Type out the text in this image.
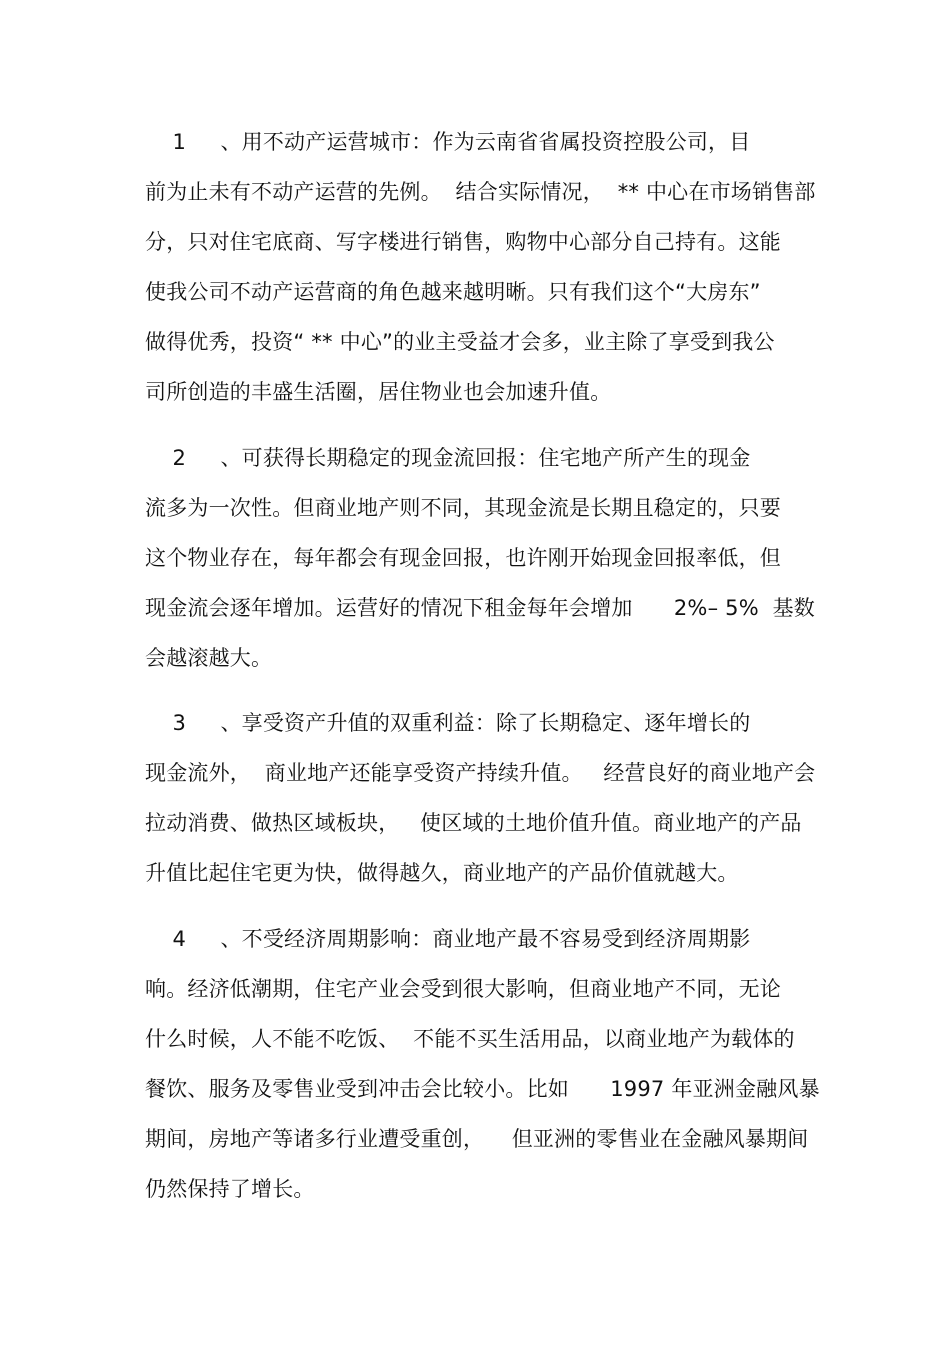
1     、用不动产运营城市：作为云南省省属投资控股公司，目
前为止未有不动产运营的先例。  结合实际情况，  ** 中心在市场销售部
分，只对住宅底商、写字楼进行销售，购物中心部分自己持有。这能
使我公司不动产运营商的角色越来越明晰。只有我们这个“大房东”
做得优秀，投资“ ** 中心”的业主受益才会多，业主除了享受到我公
司所创造的丰盛生活圈，居住物业也会加速升值。
2     、可获得长期稳定的现金流回报：住宅地产所产生的现金
流多为一次性。但商业地产则不同，其现金流是长期且稳定的，只要
这个物业存在，每年都会有现金回报，也许刚开始现金回报率低，但
现金流会逐年增加。运营好的情况下租金每年会增加      2%– 5%  基数
会越滚越大。
3     、享受资产升值的双重利益：除了长期稳定、逐年增长的
现金流外，  商业地产还能享受资产持续升值。   经营良好的商业地产会
拉动消费、做热区域板块，   使区域的土地价值升值。商业地产的产品
升值比起住宅更为快，做得越久，商业地产的产品价值就越大。
4     、不受经济周期影响：商业地产最不容易受到经济周期影
响。经济低潮期，住宅产业会受到很大影响，但商业地产不同，无论
什么时候，人不能不吃饭、  不能不买生活用品，以商业地产为载体的
餐饮、服务及零售业受到冲击会比较小。比如      1997 年亚洲金融风暴
期间，房地产等诸多行业遭受重创，    但亚洲的零售业在金融风暴期间
仍然保持了增长。
